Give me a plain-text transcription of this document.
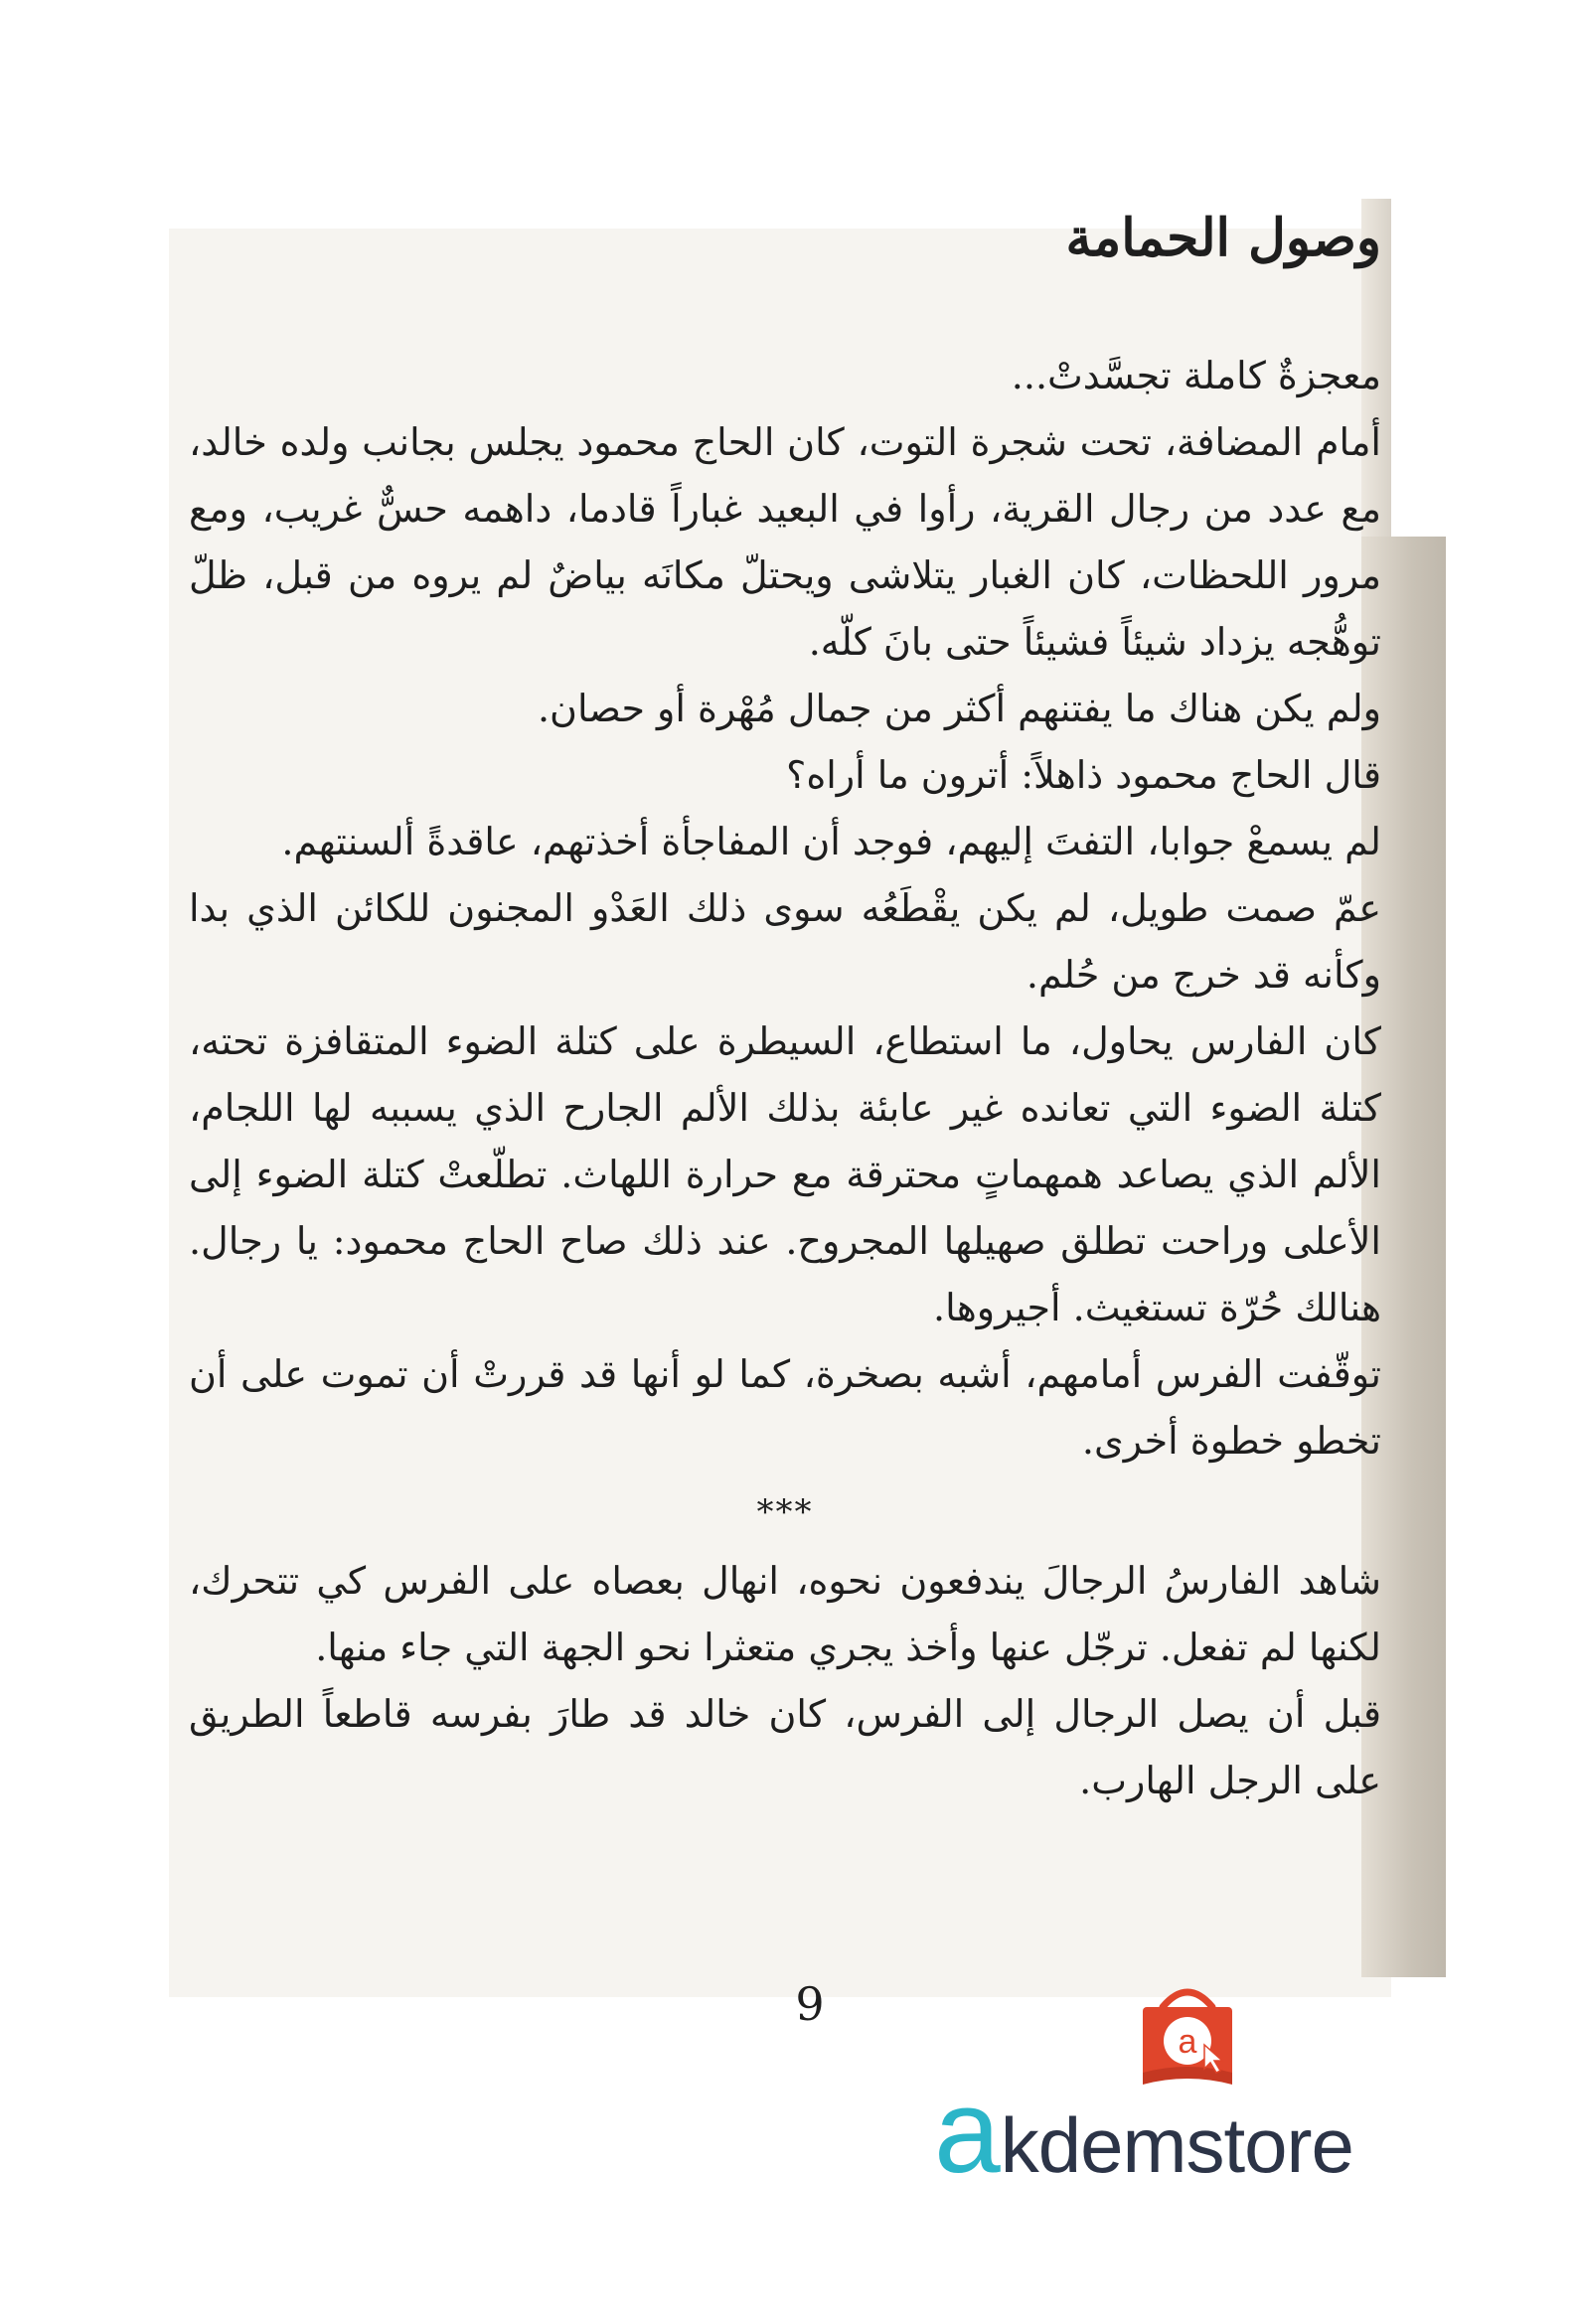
وصول الحمامة

معجزةٌ كاملة تجسَّدتْ...

أمام المضافة، تحت شجرة التوت، كان الحاج محمود يجلس بجانب ولده خالد، مع عدد من رجال القرية، رأوا في البعيد غباراً قادما، داهمه حسٌّ غريب، ومع مرور اللحظات، كان الغبار يتلاشى ويحتلّ مكانَه بياضٌ لم يروه من قبل، ظلّ توهُّجه يزداد شيئاً فشيئاً حتى بانَ كلّه.

ولم يكن هناك ما يفتنهم أكثر من جمال مُهْرة أو حصان.

قال الحاج محمود ذاهلاً: أترون ما أراه؟

لم يسمعْ جوابا، التفتَ إليهم، فوجد أن المفاجأة أخذتهم، عاقدةً ألسنتهم.

عمّ صمت طويل، لم يكن يقْطَعُه سوى ذلك العَدْو المجنون للكائن الذي بدا وكأنه قد خرج من حُلم.

كان الفارس يحاول، ما استطاع، السيطرة على كتلة الضوء المتقافزة تحته، كتلة الضوء التي تعانده غير عابئة بذلك الألم الجارح الذي يسببه لها اللجام، الألم الذي يصاعد همهماتٍ محترقة مع حرارة اللهاث. تطلّعتْ كتلة الضوء إلى الأعلى وراحت تطلق صهيلها المجروح. عند ذلك صاح الحاج محمود: يا رجال. هنالك حُرّة تستغيث. أجيروها.

توقّفت الفرس أمامهم، أشبه بصخرة، كما لو أنها قد قررتْ أن تموت على أن تخطو خطوة أخرى.

***

شاهد الفارسُ الرجالَ يندفعون نحوه، انهال بعصاه على الفرس كي تتحرك، لكنها لم تفعل. ترجّل عنها وأخذ يجري متعثرا نحو الجهة التي جاء منها.

قبل أن يصل الرجال إلى الفرس، كان خالد قد طارَ بفرسه قاطعاً الطريق على الرجل الهارب.

9
a
akdemstore
